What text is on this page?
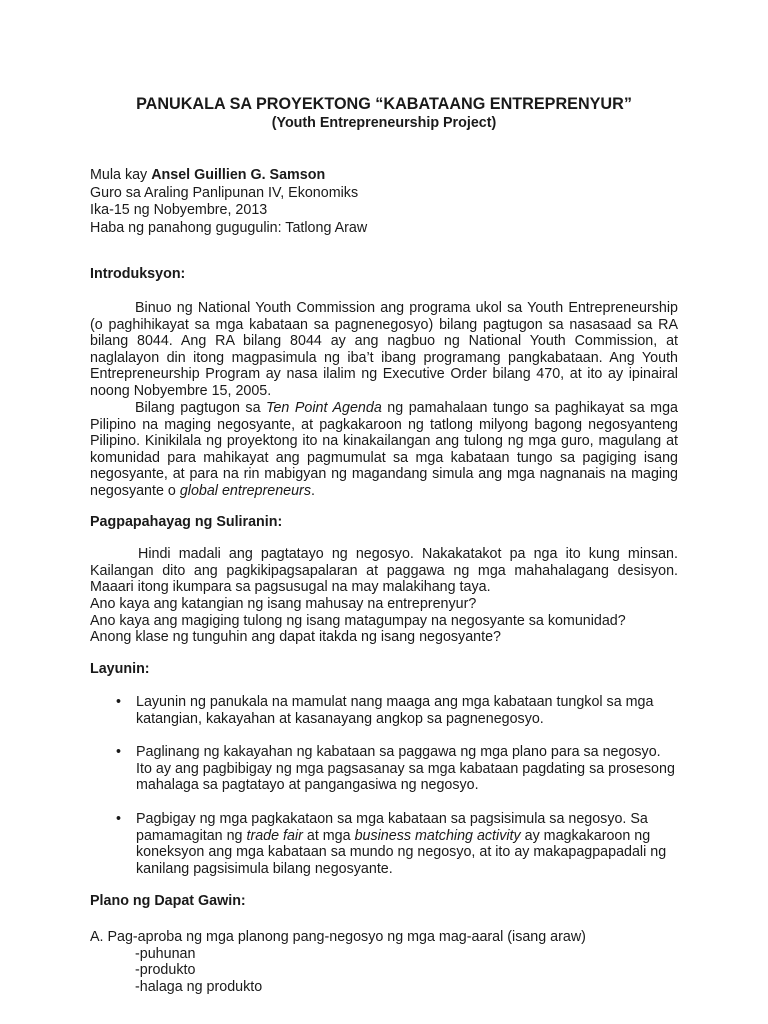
PANUKALA SA PROYEKTONG “KABATAANG ENTREPRENYUR”
(Youth Entrepreneurship Project)
Mula kay Ansel Guillien G. Samson
Guro sa Araling Panlipunan IV, Ekonomiks
Ika-15 ng Nobyembre, 2013
Haba ng panahong gugugulin: Tatlong Araw
Introduksyon:
Binuo ng National Youth Commission ang programa ukol sa Youth Entrepreneurship (o paghihikayat sa mga kabataan sa pagnenegosyo) bilang pagtugon sa nasasaad sa RA bilang 8044. Ang RA bilang 8044 ay ang nagbuo ng National Youth Commission, at naglalayon din itong magpasimula ng iba’t ibang programang pangkabataan. Ang Youth Entrepreneurship Program ay nasa ilalim ng Executive Order bilang 470, at ito ay ipinairal noong Nobyembre 15, 2005.
Bilang pagtugon sa Ten Point Agenda ng pamahalaan tungo sa paghikayat sa mga Pilipino na maging negosyante, at pagkakaroon ng tatlong milyong bagong negosyanteng Pilipino. Kinikilala ng proyektong ito na kinakailangan ang tulong ng mga guro, magulang at komunidad para mahikayat ang pagmumulat sa mga kabataan tungo sa pagiging isang negosyante, at para na rin mabigyan ng magandang simula ang mga nagnanais na maging negosyante o global entrepreneurs.
Pagpapahayag ng Suliranin:
Hindi madali ang pagtatayo ng negosyo. Nakakatakot pa nga ito kung minsan. Kailangan dito ang pagkikipagsapalaran at paggawa ng mga mahahalagang desisyon. Maaari itong ikumpara sa pagsusugal na may malakihang taya.
Ano kaya ang katangian ng isang mahusay na entreprenyur?
Ano kaya ang magiging tulong ng isang matagumpay na negosyante sa komunidad?
Anong klase ng tunguhin ang dapat itakda ng isang negosyante?
Layunin:
• Layunin ng panukala na mamulat nang maaga ang mga kabataan tungkol sa mga katangian, kakayahan at kasanayang angkop sa pagnenegosyo.
• Paglinang ng kakayahan ng kabataan sa paggawa ng mga plano para sa negosyo. Ito ay ang pagbibigay ng mga pagsasanay sa mga kabataan pagdating sa prosesong mahalaga sa pagtatayo at pangangasiwa ng negosyo.
• Pagbigay ng mga pagkakataon sa mga kabataan sa pagsisimula sa negosyo. Sa pamamagitan ng trade fair at mga business matching activity ay magkakaroon ng koneksyon ang mga kabataan sa mundo ng negosyo, at ito ay makapagpapadali ng kanilang pagsisimula bilang negosyante.
Plano ng Dapat Gawin:
A. Pag-aproba ng mga planong pang-negosyo ng mga mag-aaral (isang araw)
-puhunan
-produkto
-halaga ng produkto
